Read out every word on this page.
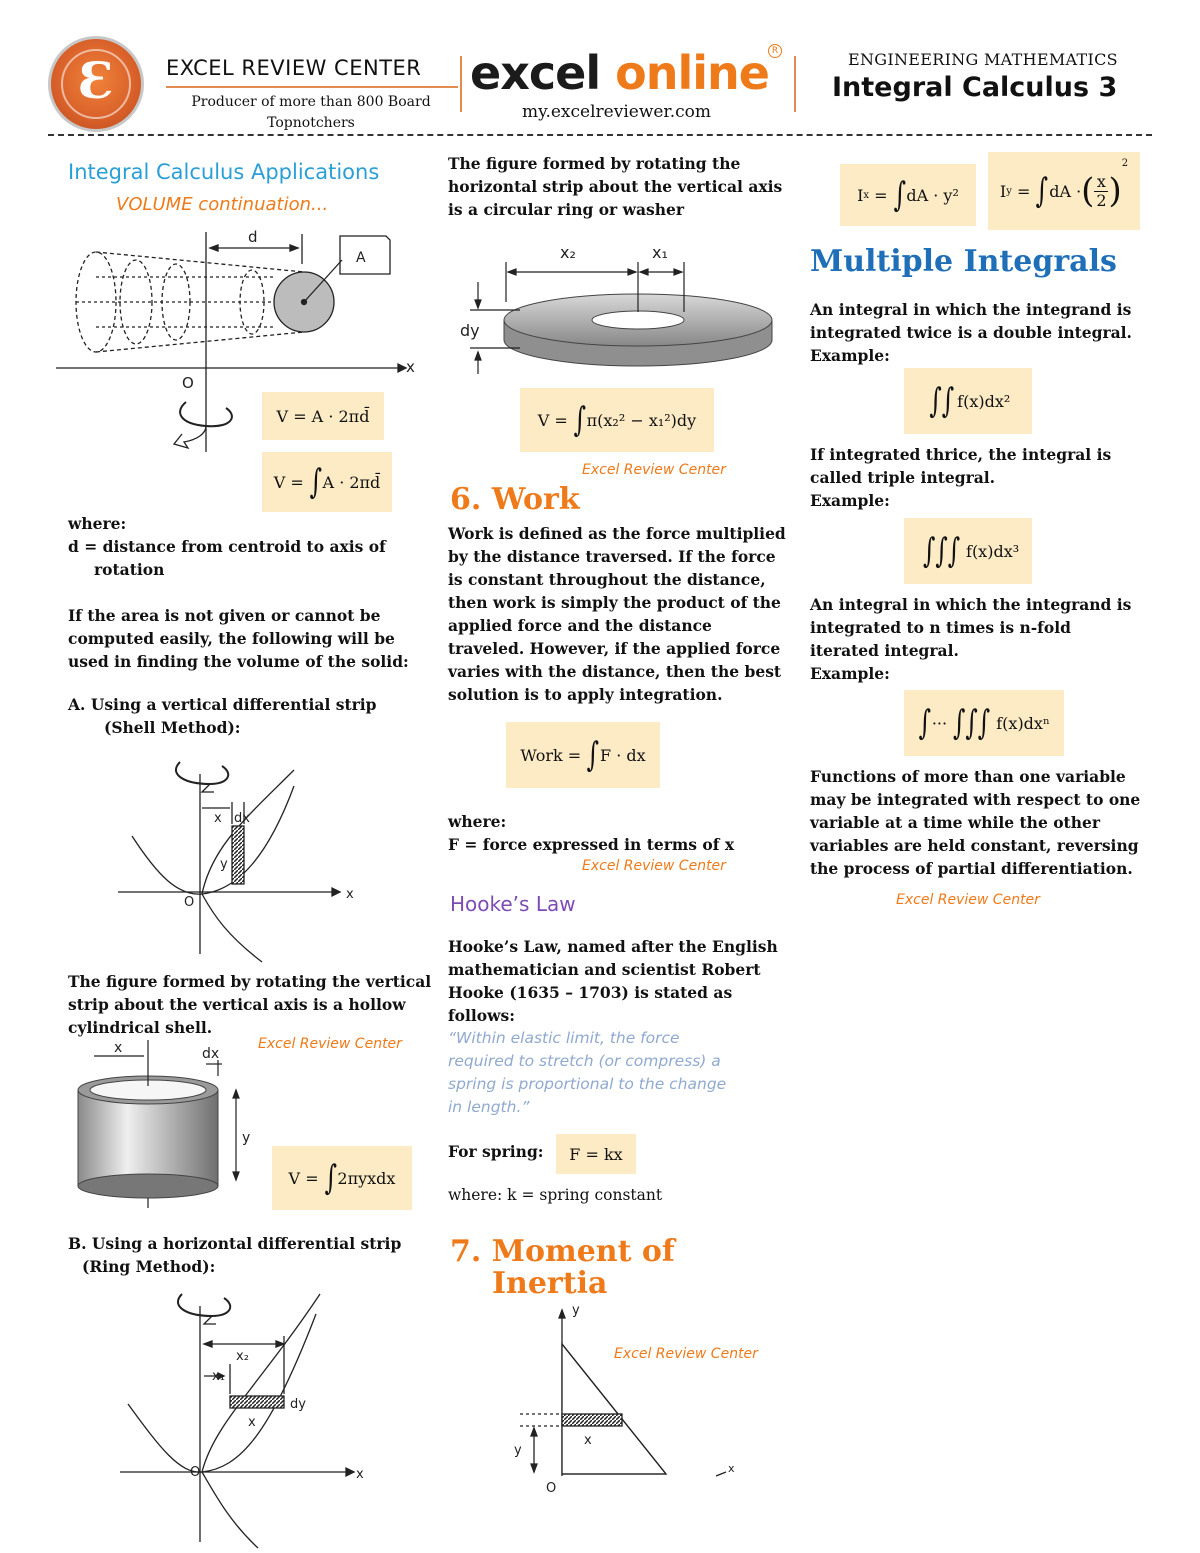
Ɛ	EXCEL REVIEW CENTER
Producer of more than 800 Board Topnotchers
excel online R
my.excelreviewer.com
ENGINEERING MATHEMATICS
Integral Calculus 3
Integral Calculus Applications
VOLUME continuation...
d
A
x
O
V = A · 2πd̄
V =
∫ A · 2πd̄
where:
d = distance from centroid to axis of
rotation
If the area is not given or cannot be
computed easily, the following will be
used in finding the volume of the solid:
A. Using a vertical differential strip
(Shell Method):
x dx
y
O
x
The figure formed by rotating the vertical
strip about the vertical axis is a hollow
cylindrical shell.
Excel Review Center
x	dx
y
V =
∫ 2πyxdx
B. Using a horizontal differential strip
(Ring Method):
x₂
x₁
dy
x
O	x
The figure formed by rotating the
horizontal strip about the vertical axis
is a circular ring or washer
x₂	x₁
dy
V =
∫ π(x₂² − x₁²)dy
Excel Review Center
6. Work
Work is defined as the force multiplied
by the distance traversed. If the force
is constant throughout the distance,
then work is simply the product of the
applied force and the distance
traveled. However, if the applied force
varies with the distance, then the best
solution is to apply integration.
Work =
∫ F · dx
where:
F = force expressed in terms of x
Excel Review Center
Hooke’s Law
Hooke’s Law, named after the English
mathematician and scientist Robert
Hooke (1635 – 1703) is stated as
follows:
“Within elastic limit, the force
required to stretch (or compress) a
spring is proportional to the change
in length.”
For spring: F = kx
where: k = spring constant
7. Moment of
Inertia
y
x
y
O
x
Excel Review Center
I x
=
∫ dA · y²	I y
=
∫ dA · ( x
2 )
2
Multiple Integrals
An integral in which the integrand is
integrated twice is a double integral.
Example:
∫∫ f(x)dx²
If integrated thrice, the integral is
called triple integral.
Example:
∫∫∫ f(x)dx³
An integral in which the integrand is
integrated to n times is n-fold
iterated integral.
Example:
∫ ··· ∫∫∫ f(x)dxⁿ
Functions of more than one variable
may be integrated with respect to one
variable at a time while the other
variables are held constant, reversing
the process of partial differentiation.
Excel Review Center
